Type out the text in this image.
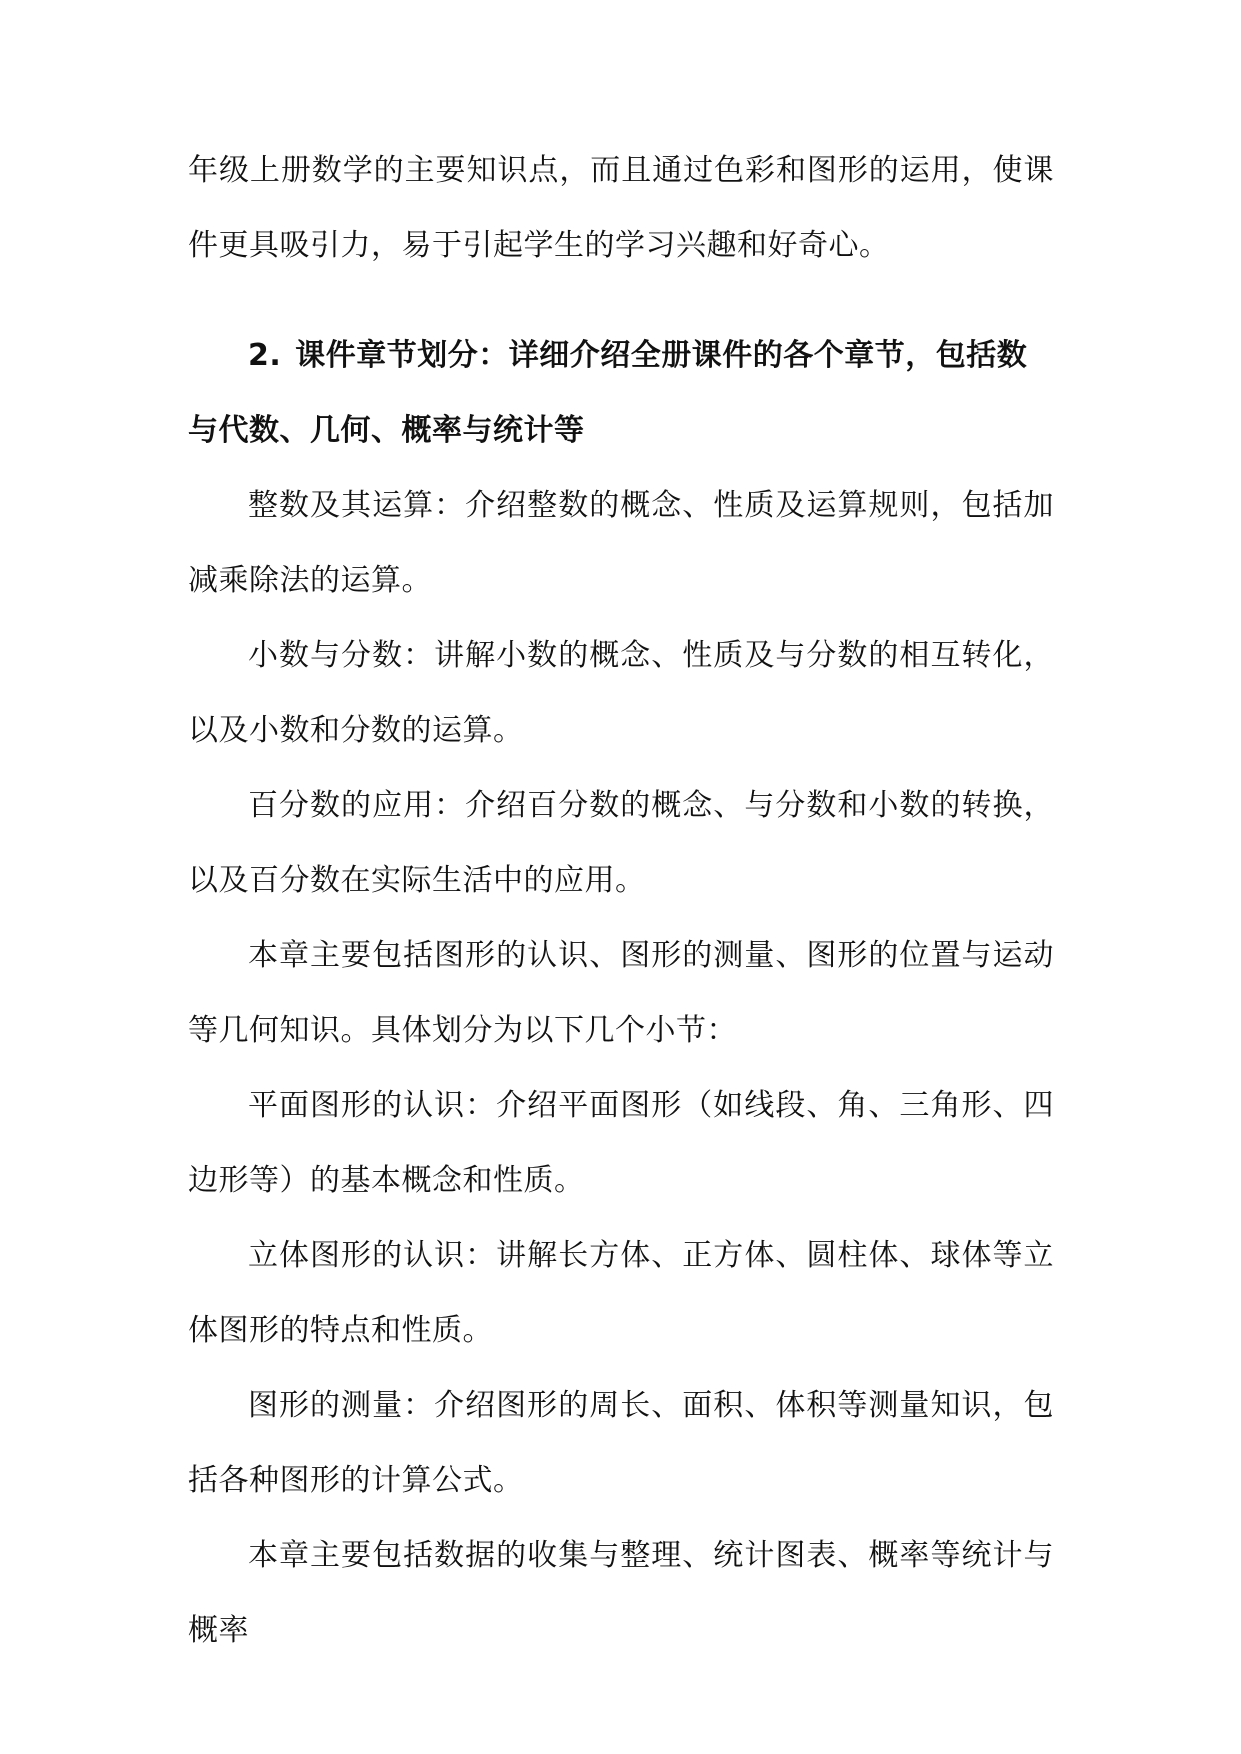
年级上册数学的主要知识点，而且通过色彩和图形的运用，使课件更具吸引力，易于引起学生的学习兴趣和好奇心。

2. 课件章节划分：详细介绍全册课件的各个章节，包括数与代数、几何、概率与统计等

整数及其运算：介绍整数的概念、性质及运算规则，包括加减乘除法的运算。

小数与分数：讲解小数的概念、性质及与分数的相互转化，以及小数和分数的运算。

百分数的应用：介绍百分数的概念、与分数和小数的转换，以及百分数在实际生活中的应用。

本章主要包括图形的认识、图形的测量、图形的位置与运动等几何知识。具体划分为以下几个小节：

平面图形的认识：介绍平面图形（如线段、角、三角形、四边形等）的基本概念和性质。

立体图形的认识：讲解长方体、正方体、圆柱体、球体等立体图形的特点和性质。

图形的测量：介绍图形的周长、面积、体积等测量知识，包括各种图形的计算公式。

本章主要包括数据的收集与整理、统计图表、概率等统计与概率
